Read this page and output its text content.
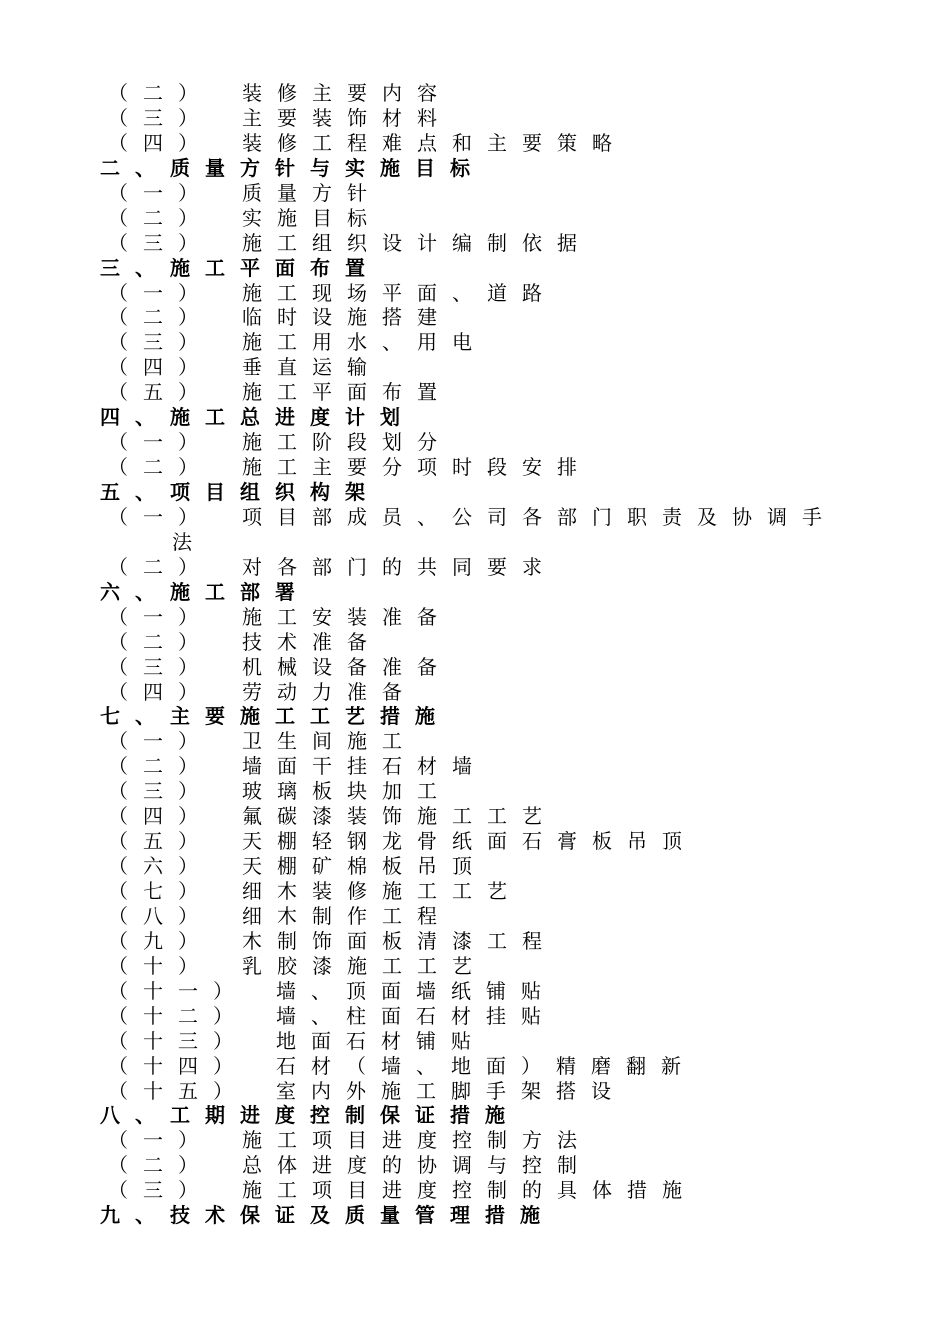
（二） 装修主要内容
（三） 主要装饰材料
（四） 装修工程难点和主要策略
二、质量方针与实施目标
（一） 质量方针
（二） 实施目标
（三） 施工组织设计编制依据
三、施工平面布置
（一） 施工现场平面、道路
（二） 临时设施搭建
（三） 施工用水、用电
（四） 垂直运输
（五） 施工平面布置
四、施工总进度计划
（一） 施工阶段划分
（二） 施工主要分项时段安排
五、项目组织构架
（一） 项目部成员、公司各部门职责及协调手
法
（二） 对各部门的共同要求
六、施工部署
（一） 施工安装准备
（二） 技术准备
（三） 机械设备准备
（四） 劳动力准备
七、主要施工工艺措施
（一） 卫生间施工
（二） 墙面干挂石材墙
（三） 玻璃板块加工
（四） 氟碳漆装饰施工工艺
（五） 天棚轻钢龙骨纸面石膏板吊顶
（六） 天棚矿棉板吊顶
（七） 细木装修施工工艺
（八） 细木制作工程
（九） 木制饰面板清漆工程
（十） 乳胶漆施工工艺
（十一） 墙、顶面墙纸铺贴
（十二） 墙、柱面石材挂贴
（十三） 地面石材铺贴
（十四） 石材（墙、地面）精磨翻新
（十五） 室内外施工脚手架搭设
八、工期进度控制保证措施
（一） 施工项目进度控制方法
（二） 总体进度的协调与控制
（三） 施工项目进度控制的具体措施
九、技术保证及质量管理措施
